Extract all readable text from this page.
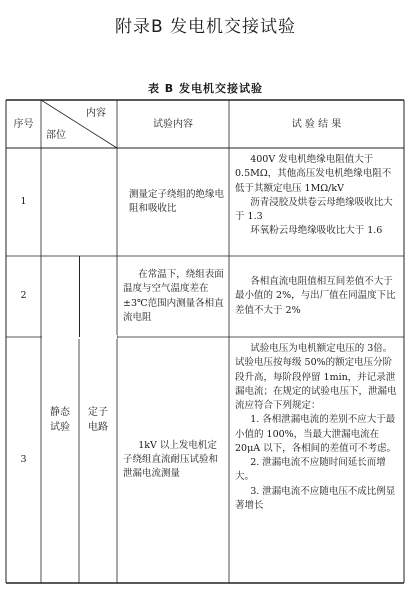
附录B 发电机交接试验
表 B 发电机交接试验
序号
内容
部位
试验内容	试 验 结 果
1

测量定子绕组的绝缘电阻和吸收比

400V 发电机绝缘电阻值大于0.5MΩ，其他高压发电机绝缘电阻不低于其额定电压 1MΩ/kV

沥青浸胶及烘卷云母绝缘吸收比大于 1.3

环氧粉云母绝缘吸收比大于 1.6

2

在常温下，绕组表面温度与空气温度差在±3℃范围内测量各相直流电阻

各相直流电阻值相互间差值不大于最小值的 2%，与出厂值在同温度下比差值不大于 2%

3
静态
试验
定子
电路

1kV 以上发电机定子绕组直流耐压试验和泄漏电流测量

试验电压为电机额定电压的 3倍。试验电压按每级 50%的额定电压分阶段升高，每阶段停留 1min，并记录泄漏电流；在规定的试验电压下，泄漏电流应符合下列规定：

1. 各相泄漏电流的差别不应大于最小值的 100%，当最大泄漏电流在 20μA 以下，各相间的差值可不考虑。

2. 泄漏电流不应随时间延长而增大。

3. 泄漏电流不应随电压不成比例显著增长
